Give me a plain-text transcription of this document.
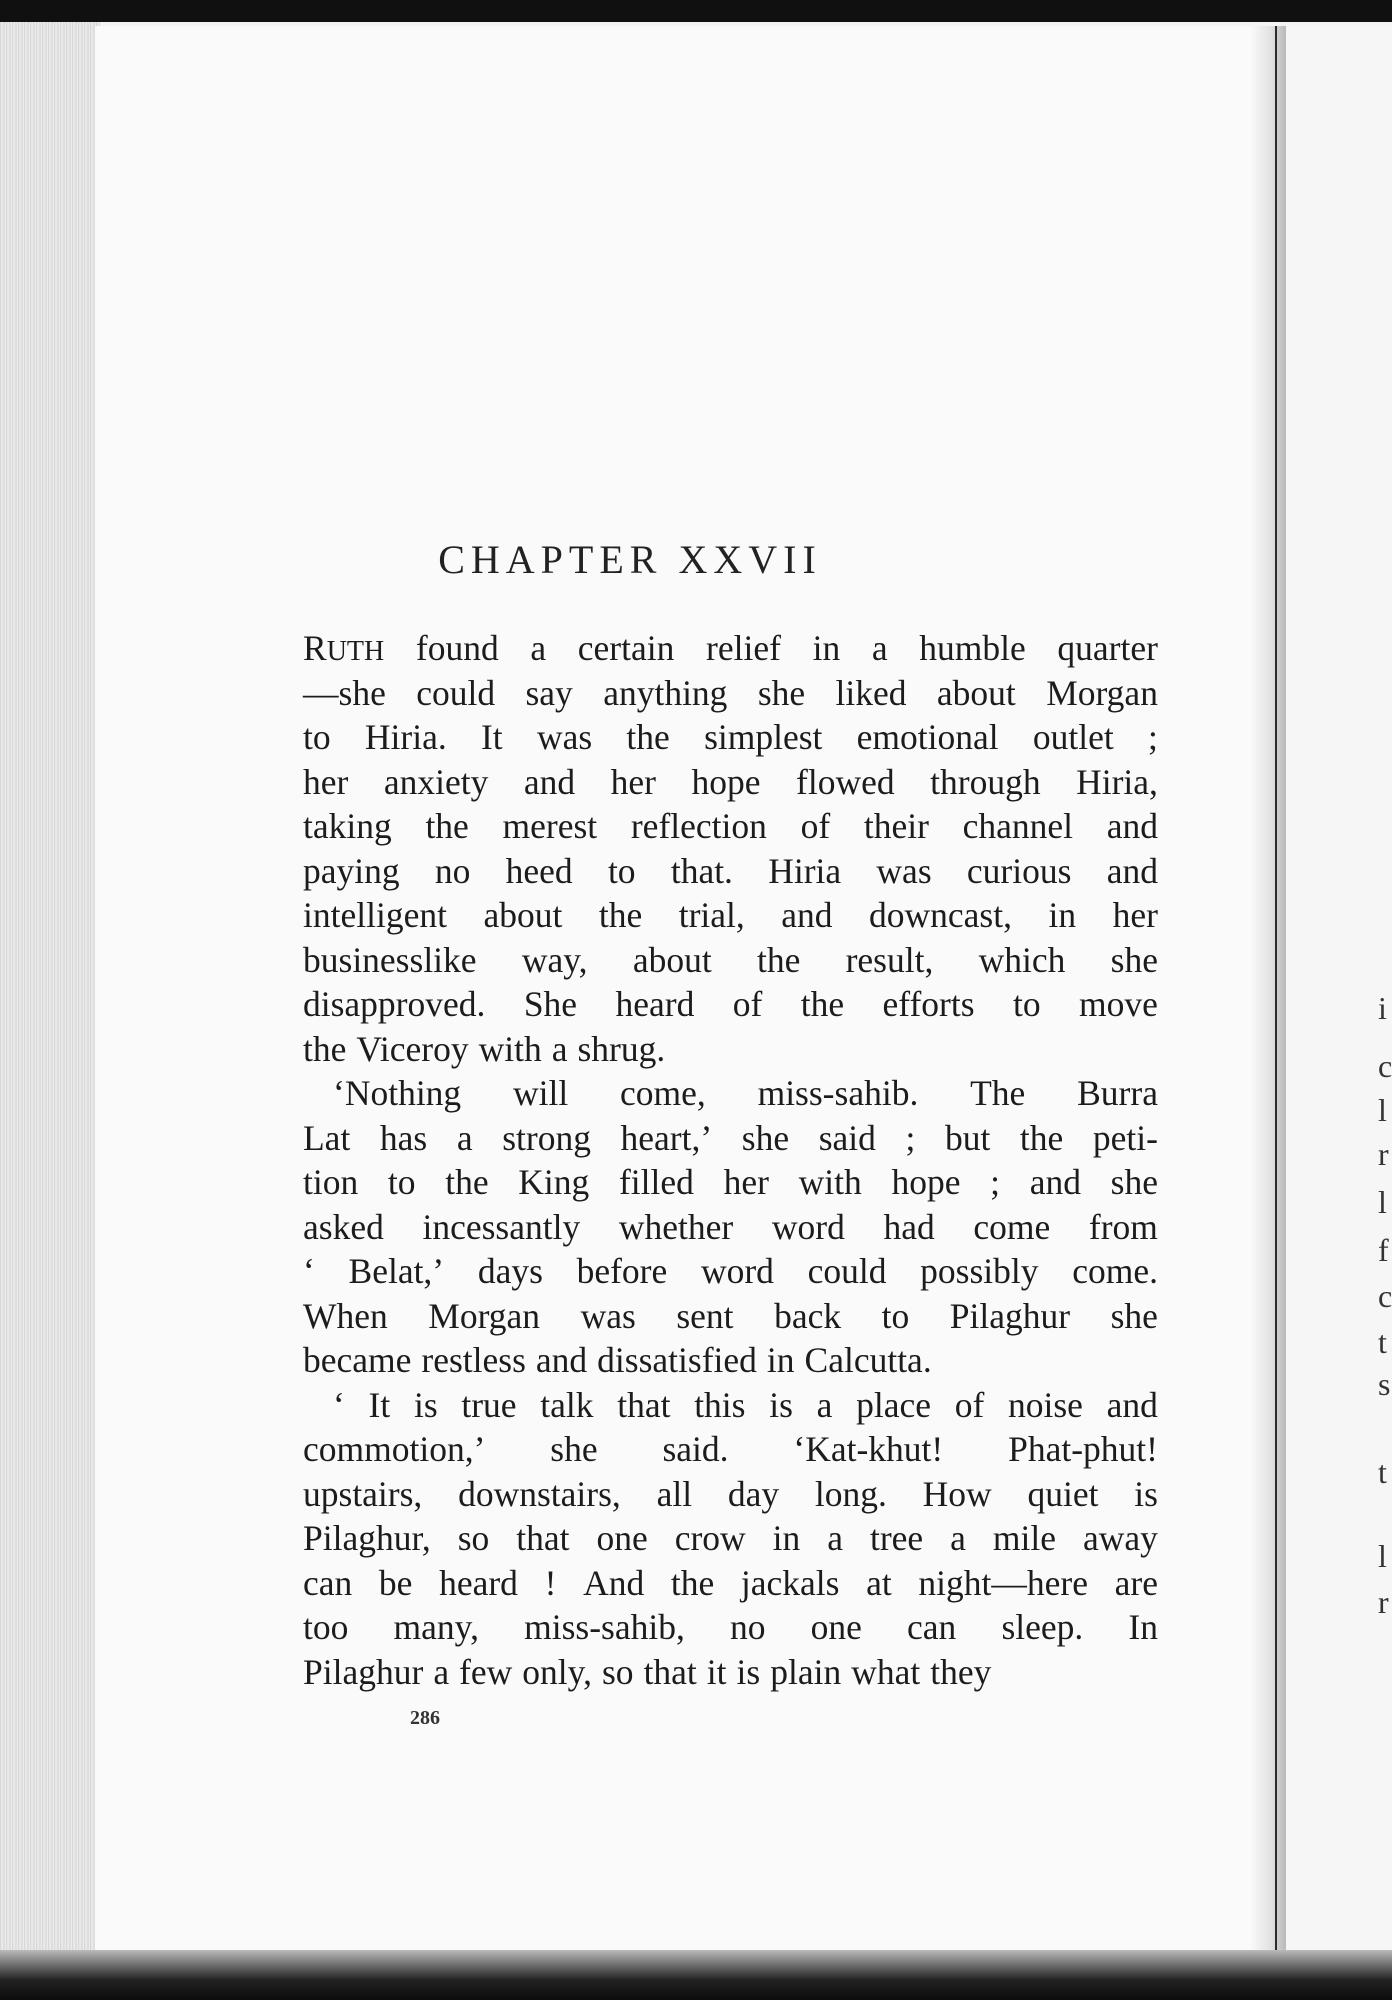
CHAPTER XXVII
RUTH found a certain relief in a humble quarter
—she could say anything she liked about Morgan
to Hiria. It was the simplest emotional outlet ;
her anxiety and her hope flowed through Hiria,
taking the merest reflection of their channel and
paying no heed to that. Hiria was curious and
intelligent about the trial, and downcast, in her
businesslike way, about the result, which she
disapproved. She heard of the efforts to move
the Viceroy with a shrug.
‘Nothing will come, miss-sahib. The Burra
Lat has a strong heart,’ she said ; but the peti-
tion to the King filled her with hope ; and she
asked incessantly whether word had come from
‘ Belat,’ days before word could possibly come.
When Morgan was sent back to Pilaghur she
became restless and dissatisfied in Calcutta.
‘ It is true talk that this is a place of noise and
commotion,’ she said. ‘Kat-khut! Phat-phut!
upstairs, downstairs, all day long. How quiet is
Pilaghur, so that one crow in a tree a mile away
can be heard ! And the jackals at night—here are
too many, miss-sahib, no one can sleep. In
Pilaghur a few only, so that it is plain what they
286
i
c
l
r
l
f
c
t
s
t
l
r
